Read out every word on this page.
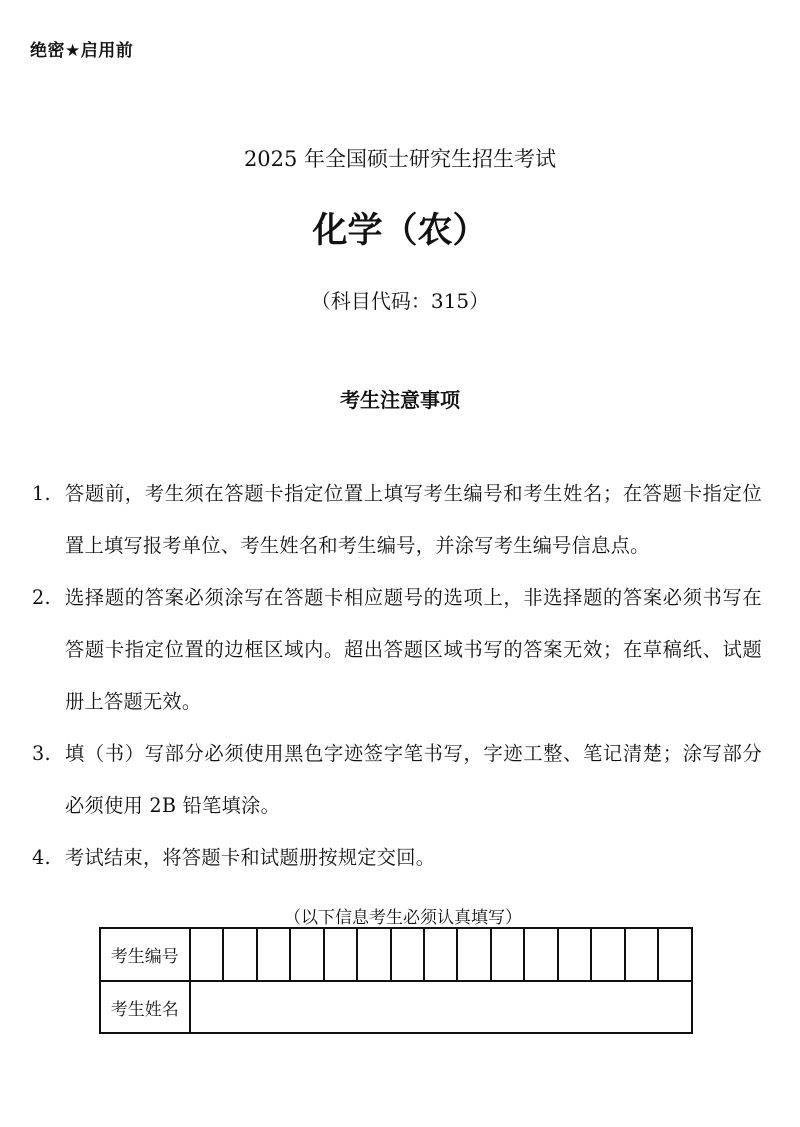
绝密★启用前
2025 年全国硕士研究生招生考试
化学（农）
（科目代码：315）
考生注意事项
1. 答题前，考生须在答题卡指定位置上填写考生编号和考生姓名；在答题卡指定位置上填写报考单位、考生姓名和考生编号，并涂写考生编号信息点。
2. 选择题的答案必须涂写在答题卡相应题号的选项上，非选择题的答案必须书写在答题卡指定位置的边框区域内。超出答题区域书写的答案无效；在草稿纸、试题册上答题无效。
3. 填（书）写部分必须使用黑色字迹签字笔书写，字迹工整、笔记清楚；涂写部分必须使用 2B 铅笔填涂。
4. 考试结束，将答题卡和试题册按规定交回。
（以下信息考生必须认真填写）
考生编号															
考生姓名															
